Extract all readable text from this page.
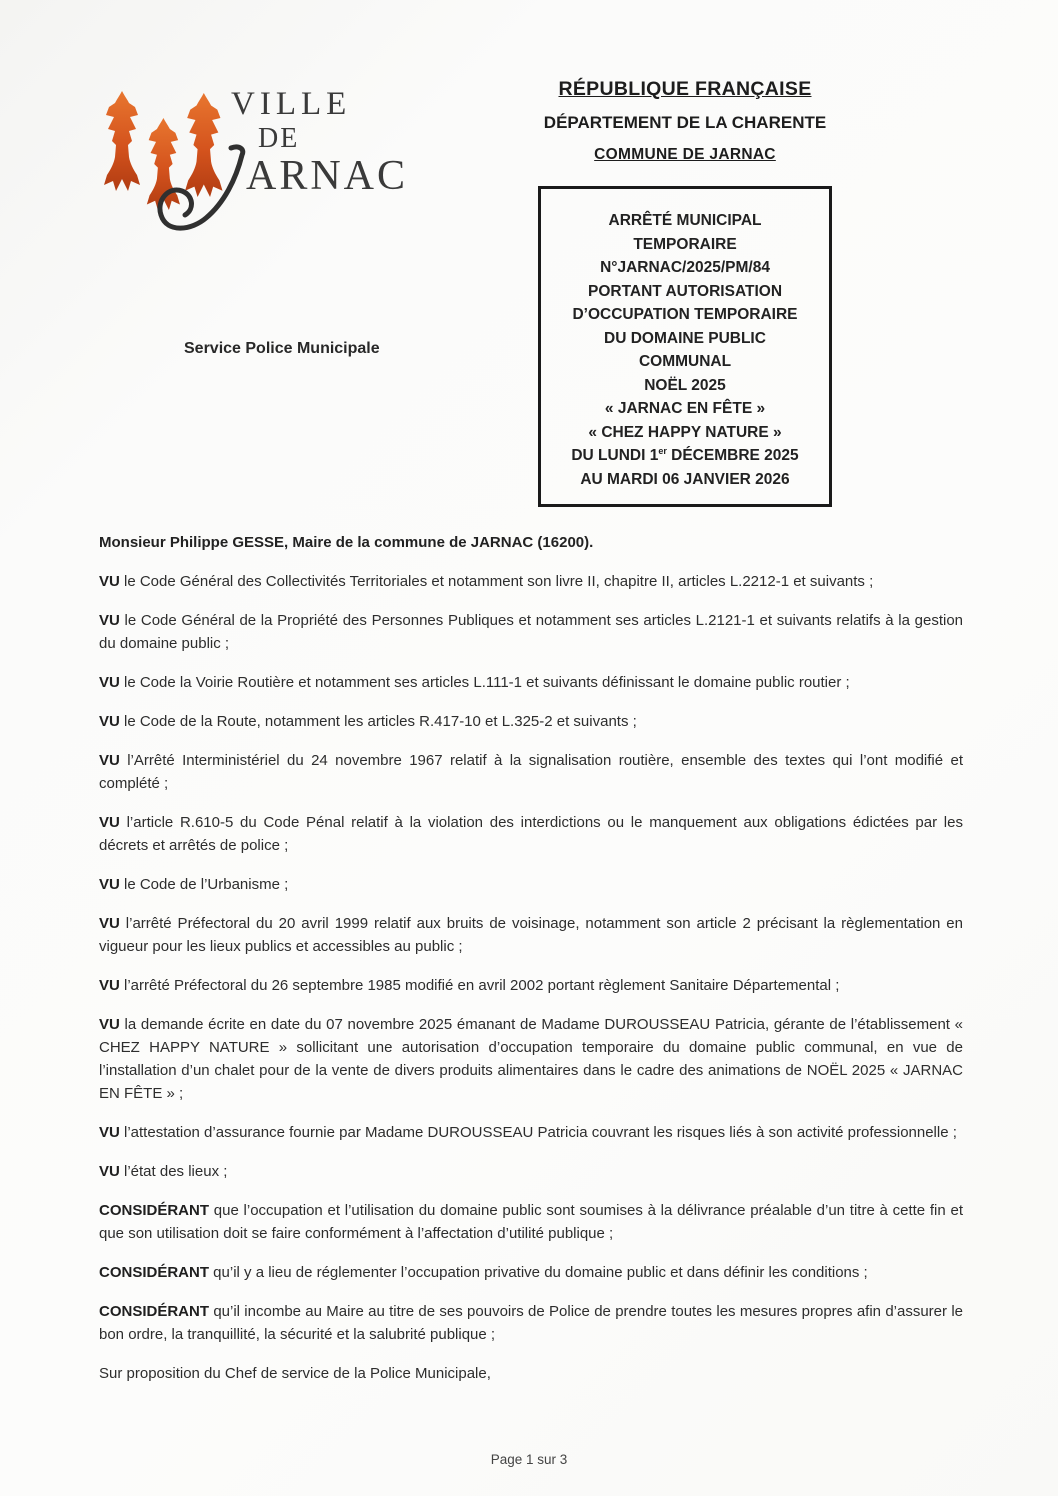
VILLE
DE
ARNAC
Service Police Municipale
RÉPUBLIQUE FRANÇAISE
DÉPARTEMENT DE LA CHARENTE
COMMUNE DE JARNAC
ARRÊTÉ MUNICIPAL
TEMPORAIRE
N°JARNAC/2025/PM/84
PORTANT AUTORISATION
D’OCCUPATION TEMPORAIRE
DU DOMAINE PUBLIC
COMMUNAL
NOËL 2025
« JARNAC EN FÊTE »
« CHEZ HAPPY NATURE »
DU LUNDI 1er DÉCEMBRE 2025
AU MARDI 06 JANVIER 2026

Monsieur Philippe GESSE, Maire de la commune de JARNAC (16200).

VU le Code Général des Collectivités Territoriales et notamment son livre II, chapitre II, articles L.2212-1 et suivants ;

VU le Code Général de la Propriété des Personnes Publiques et notamment ses articles L.2121-1 et suivants relatifs à la gestion du domaine public ;

VU le Code la Voirie Routière et notamment ses articles L.111-1 et suivants définissant le domaine public routier ;

VU le Code de la Route, notamment les articles R.417-10 et L.325-2 et suivants ;

VU l’Arrêté Interministériel du 24 novembre 1967 relatif à la signalisation routière, ensemble des textes qui l’ont modifié et complété ;

VU l’article R.610-5 du Code Pénal relatif à la violation des interdictions ou le manquement aux obligations édictées par les décrets et arrêtés de police ;

VU le Code de l’Urbanisme ;

VU l’arrêté Préfectoral du 20 avril 1999 relatif aux bruits de voisinage, notamment son article 2 précisant la règlementation en vigueur pour les lieux publics et accessibles au public ;

VU l’arrêté Préfectoral du 26 septembre 1985 modifié en avril 2002 portant règlement Sanitaire Départemental ;

VU la demande écrite en date du 07 novembre 2025 émanant de Madame DUROUSSEAU Patricia, gérante de l’établissement « CHEZ HAPPY NATURE » sollicitant une autorisation d’occupation temporaire du domaine public communal, en vue de l’installation d’un chalet pour de la vente de divers produits alimentaires dans le cadre des animations de NOËL 2025 « JARNAC EN FÊTE » ;

VU l’attestation d’assurance fournie par Madame DUROUSSEAU Patricia couvrant les risques liés à son activité professionnelle ;

VU l’état des lieux ;

CONSIDÉRANT que l’occupation et l’utilisation du domaine public sont soumises à la délivrance préalable d’un titre à cette fin et que son utilisation doit se faire conformément à l’affectation d’utilité publique ;

CONSIDÉRANT qu’il y a lieu de réglementer l’occupation privative du domaine public et dans définir les conditions ;

CONSIDÉRANT qu’il incombe au Maire au titre de ses pouvoirs de Police de prendre toutes les mesures propres afin d’assurer le bon ordre, la tranquillité, la sécurité et la salubrité publique ;

Sur proposition du Chef de service de la Police Municipale,

Page 1 sur 3
